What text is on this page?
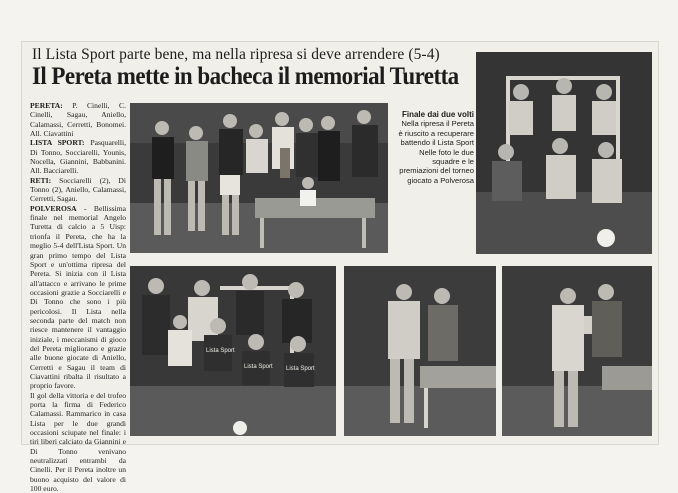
Il Lista Sport parte bene, ma nella ripresa si deve arrendere (5-4)
Il Pereta mette in bacheca il memorial Turetta

PERETA: P. Cinelli, C. Cinelli, Sagau, Aniello, Calamassi, Cerretti, Bonomei. All. Ciavattini

LISTA SPORT: Pasquarelli, Di Tonno, Socciarelli, Younis, Nocella, Giannini, Babbanini. All. Bacciarelli.

RETI: Socciarelli (2), Di Tonno (2), Aniello, Calamassi, Cerretti, Sagau.

POLVEROSA - Bellissima finale nel memorial Angelo Turetta di calcio a 5 Uisp: trionfa il Pereta, che ha la meglio 5-4 dell'Lista Sport. Un gran primo tempo del Lista Sport e un'ottima ripresa del Pereta. Si inizia con il Lista all'attacco e arrivano le prime occasioni grazie a Socciarelli e Di Tonno che sono i più pericolosi. Il Lista nella seconda parte del match non riesce mantenere il vantaggio iniziale, i meccanismi di gioco del Pereta migliorano e grazie alle buone giocate di Aniello, Cerretti e Sagau il team di Ciavattini ribalta il risultato a proprio favore.

Il gol della vittoria e del trofeo porta la firma di Federico Calamassi. Rammarico in casa Lista per le due grandi occasioni sciupate nel finale: i tiri liberi calciato da Giannini e Di Tonno venivano neutralizzati entrambi da Cinelli. Per il Pereta inoltre un buono acquisto del valore di 100 euro.

Finale dai due volti
Nella ripresa il Pereta è riuscito a recuperare battendo il Lista Sport Nelle foto le due squadre e le premiazioni del torneo giocato a Polverosa
Lista Sport
Lista Sport Lista Sport
